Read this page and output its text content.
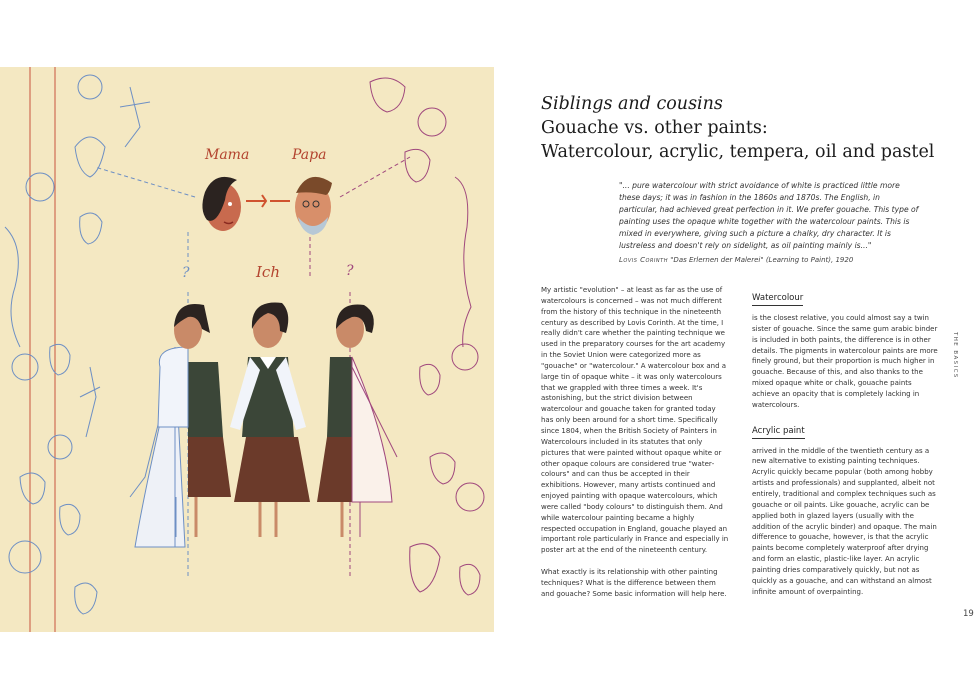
Mama	Papa
Ich
?	?
Siblings and cousins
Gouache vs. other paints:
Watercolour, acrylic, tempera, oil and pastel

"... pure watercolour with strict avoidance of white is practiced little more these days; it was in fashion in the 1860s and 1870s. The English, in particular, had achieved great perfection in it. We prefer gouache. This type of painting uses the opaque white together with the watercolour paints. This is mixed in everywhere, giving such a picture a chalky, dry character. It is lustreless and doesn't rely on sidelight, as oil painting mainly is..."

Lovis Corinth "Das Erlernen der Malerei" (Learning to Paint), 1920

My artistic "evolution" – at least as far as the use of watercolours is concerned – was not much different from the history of this technique in the nineteenth century as described by Lovis Corinth. At the time, I really didn't care whether the painting technique we used in the preparatory courses for the art academy in the Soviet Union were categorized more as "gouache" or "watercolour." A watercolour box and a large tin of opaque white – it was only watercolours that we grappled with three times a week. It's astonishing, but the strict division between watercolour and gouache taken for granted today has only been around for a short time. Specifically since 1804, when the British Society of Painters in Watercolours included in its statutes that only pictures that were painted without opaque white or other opaque colours are considered true "watercolours" and can thus be accepted in their exhibitions. However, many artists continued and enjoyed painting with opaque watercolours, which were called "body colours" to distinguish them. And while watercolour painting became a highly respected occupation in England, gouache played an important role particularly in France and especially in poster art at the end of the nineteenth century.

What exactly is its relationship with other painting techniques? What is the difference between them and gouache? Some basic information will help here.

Watercolour

is the closest relative, you could almost say a twin sister of gouache. Since the same gum arabic binder is included in both paints, the difference is in other details. The pigments in watercolour paints are more finely ground, but their proportion is much higher in gouache. Because of this, and also thanks to the mixed opaque white or chalk, gouache paints achieve an opacity that is completely lacking in watercolours.

Acrylic paint

arrived in the middle of the twentieth century as a new alternative to existing painting techniques. Acrylic quickly became popular (both among hobby artists and professionals) and supplanted, albeit not entirely, traditional and complex techniques such as gouache or oil paints. Like gouache, acrylic can be applied both in glazed layers (usually with the addition of the acrylic binder) and opaque. The main difference to gouache, however, is that the acrylic paints become completely waterproof after drying and form an elastic, plastic-like layer. An acrylic painting dries comparatively quickly, but not as quickly as a gouache, and can withstand an almost infinite amount of overpainting.

THE BASICS
19
